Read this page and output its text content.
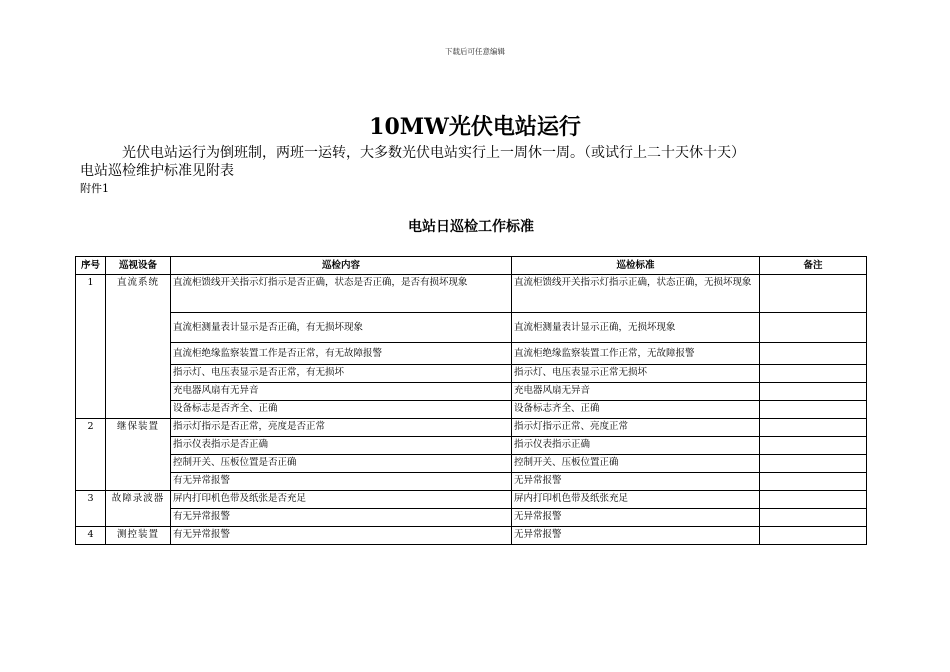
下载后可任意编辑
10MW光伏电站运行
光伏电站运行为倒班制，两班一运转，大多数光伏电站实行上一周休一周。（或试行上二十天休十天）
电站巡检维护标准见附表
附件1
电站日巡检工作标准
序号	巡视设备	巡检内容	巡检标准	备注
1	直流系统	直流柜馈线开关指示灯指示是否正确，状态是否正确，是否有损坏现象	直流柜馈线开关指示灯指示正确，状态正确，无损坏现象	
		直流柜测量表计显示是否正确，有无损坏现象	直流柜测量表计显示正确，无损坏现象	
		直流柜绝缘监察装置工作是否正常，有无故障报警	直流柜绝缘监察装置工作正常，无故障报警	
		指示灯、电压表显示是否正常，有无损坏	指示灯、电压表显示正常无损坏	
		充电器风扇有无异音	充电器风扇无异音	
		设备标志是否齐全、正确	设备标志齐全、正确	
2	继保装置	指示灯指示是否正常，亮度是否正常	指示灯指示正常、亮度正常	
		指示仪表指示是否正确	指示仪表指示正确	
		控制开关、压板位置是否正确	控制开关、压板位置正确	
		有无异常报警	无异常报警	
3	故障录波器	屏内打印机色带及纸张是否充足	屏内打印机色带及纸张充足	
		有无异常报警	无异常报警	
4	测控装置	有无异常报警	无异常报警	
